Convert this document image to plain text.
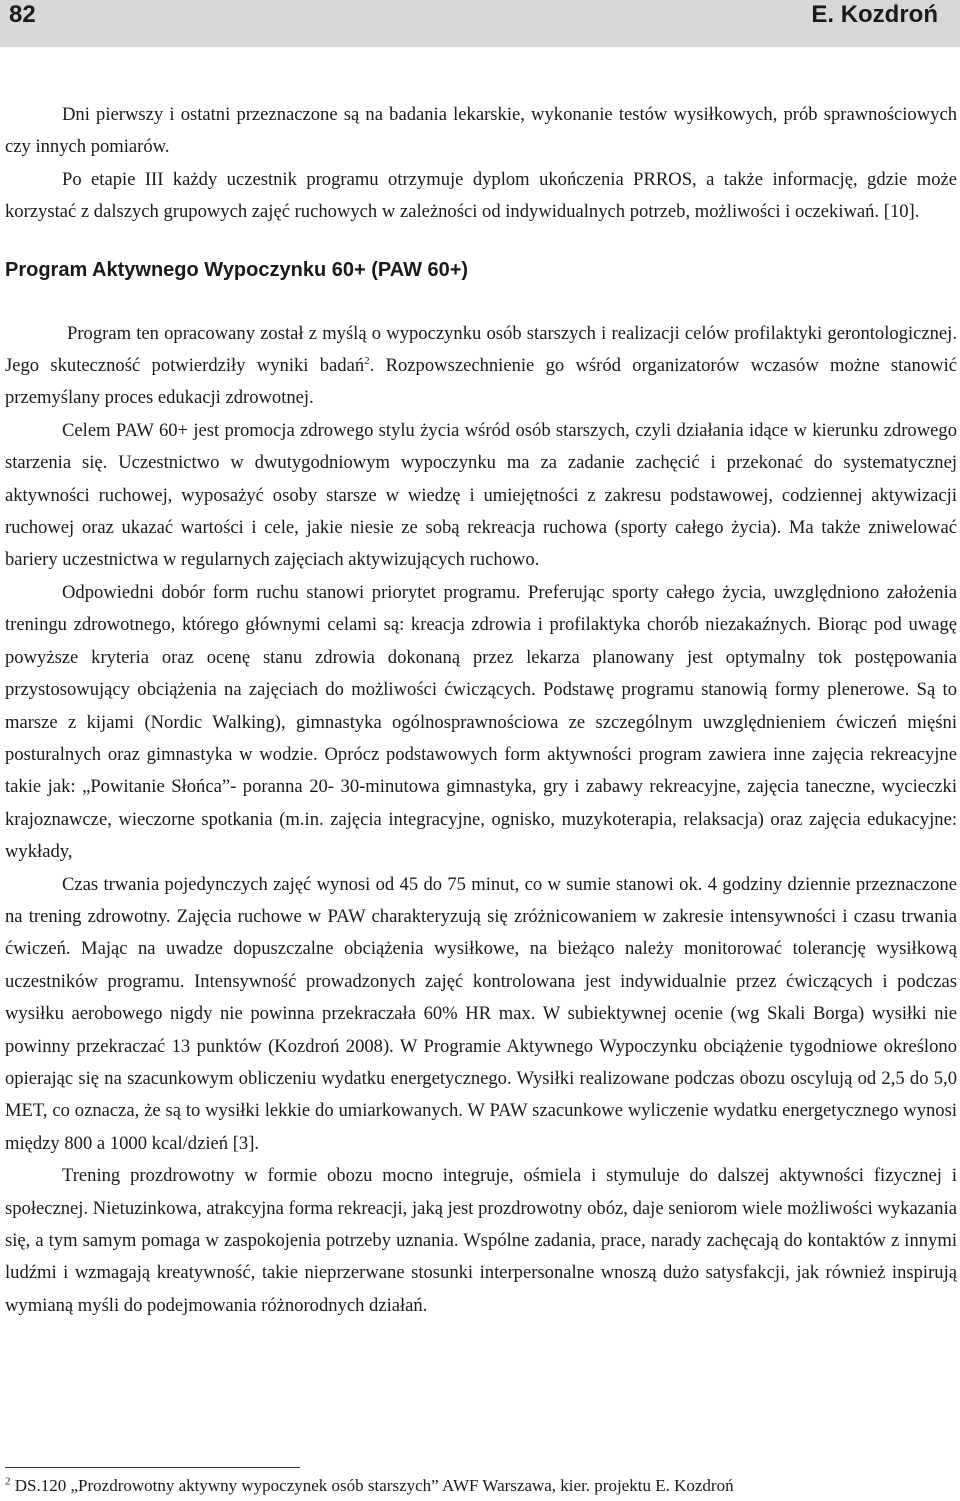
82	E. Kozdroń

Dni pierwszy i ostatni przeznaczone są na badania lekarskie, wykonanie testów wysiłkowych, prób sprawnościowych czy innych pomiarów.

Po etapie III każdy uczestnik programu otrzymuje dyplom ukończenia PRROS, a także informację, gdzie może korzystać z dalszych grupowych zajęć ruchowych w zależności od indywidualnych potrzeb, możliwości i oczekiwań. [10].

Program Aktywnego Wypoczynku 60+ (PAW 60+)

Program ten opracowany został z myślą o wypoczynku osób starszych i realizacji celów profilaktyki gerontologicznej. Jego skuteczność potwierdziły wyniki badań$^2$. Rozpowszechnienie go wśród organizatorów wczasów możne stanowić przemyślany proces edukacji zdrowotnej.

Celem PAW 60+ jest promocja zdrowego stylu życia wśród osób starszych, czyli działania idące w kierunku zdrowego starzenia się. Uczestnictwo w dwutygodniowym wypoczynku ma za zadanie zachęcić i przekonać do systematycznej aktywności ruchowej, wyposażyć osoby starsze w wiedzę i umiejętności z zakresu podstawowej, codziennej aktywizacji ruchowej oraz ukazać wartości i cele, jakie niesie ze sobą rekreacja ruchowa (sporty całego życia). Ma także zniwelować bariery uczestnictwa w regularnych zajęciach aktywizujących ruchowo.

Odpowiedni dobór form ruchu stanowi priorytet programu. Preferując sporty całego życia, uwzględniono założenia treningu zdrowotnego, którego głównymi celami są: kreacja zdrowia i profilaktyka chorób niezakaźnych. Biorąc pod uwagę powyższe kryteria oraz ocenę stanu zdrowia dokonaną przez lekarza planowany jest optymalny tok postępowania przystosowujący obciążenia na zajęciach do możliwości ćwiczących. Podstawę programu stanowią formy plenerowe. Są to marsze z kijami (Nordic Walking), gimnastyka ogólnosprawnościowa ze szczególnym uwzględnieniem ćwiczeń mięśni posturalnych oraz gimnastyka w wodzie. Oprócz podstawowych form aktywności program zawiera inne zajęcia rekreacyjne takie jak: „Powitanie Słońca”- poranna 20- 30-minutowa gimnastyka, gry i zabawy rekreacyjne, zajęcia taneczne, wycieczki krajoznawcze, wieczorne spotkania (m.in. zajęcia integracyjne, ognisko, muzykoterapia, relaksacja) oraz zajęcia edukacyjne: wykłady,

Czas trwania pojedynczych zajęć wynosi od 45 do 75 minut, co w sumie stanowi ok. 4 godziny dziennie przeznaczone na trening zdrowotny. Zajęcia ruchowe w PAW charakteryzują się zróżnicowaniem w zakresie intensywności i czasu trwania ćwiczeń. Mając na uwadze dopuszczalne obciążenia wysiłkowe, na bieżąco należy monitorować tolerancję wysiłkową uczestników programu. Intensywność prowadzonych zajęć kontrolowana jest indywidualnie przez ćwiczących i podczas wysiłku aerobowego nigdy nie powinna przekraczała 60% HR max. W subiektywnej ocenie (wg Skali Borga) wysiłki nie powinny przekraczać 13 punktów (Kozdroń 2008). W Programie Aktywnego Wypoczynku obciążenie tygodniowe określono opierając się na szacunkowym obliczeniu wydatku energetycznego. Wysiłki realizowane podczas obozu oscylują od 2,5 do 5,0 MET, co oznacza, że są to wysiłki lekkie do umiarkowanych. W PAW szacunkowe wyliczenie wydatku energetycznego wynosi między 800 a 1000 kcal/dzień [3].

Trening prozdrowotny w formie obozu mocno integruje, ośmiela i stymuluje do dalszej aktywności fizycznej i społecznej. Nietuzinkowa, atrakcyjna forma rekreacji, jaką jest prozdrowotny obóz, daje seniorom wiele możliwości wykazania się, a tym samym pomaga w zaspokojenia potrzeby uznania. Wspólne zadania, prace, narady zachęcają do kontaktów z innymi ludźmi i wzmagają kreatywność, takie nieprzerwane stosunki interpersonalne wnoszą dużo satysfakcji, jak również inspirują wymianą myśli do podejmowania różnorodnych działań.

$^2$ DS.120 „Prozdrowotny aktywny wypoczynek osób starszych” AWF Warszawa, kier. projektu E. Kozdroń
